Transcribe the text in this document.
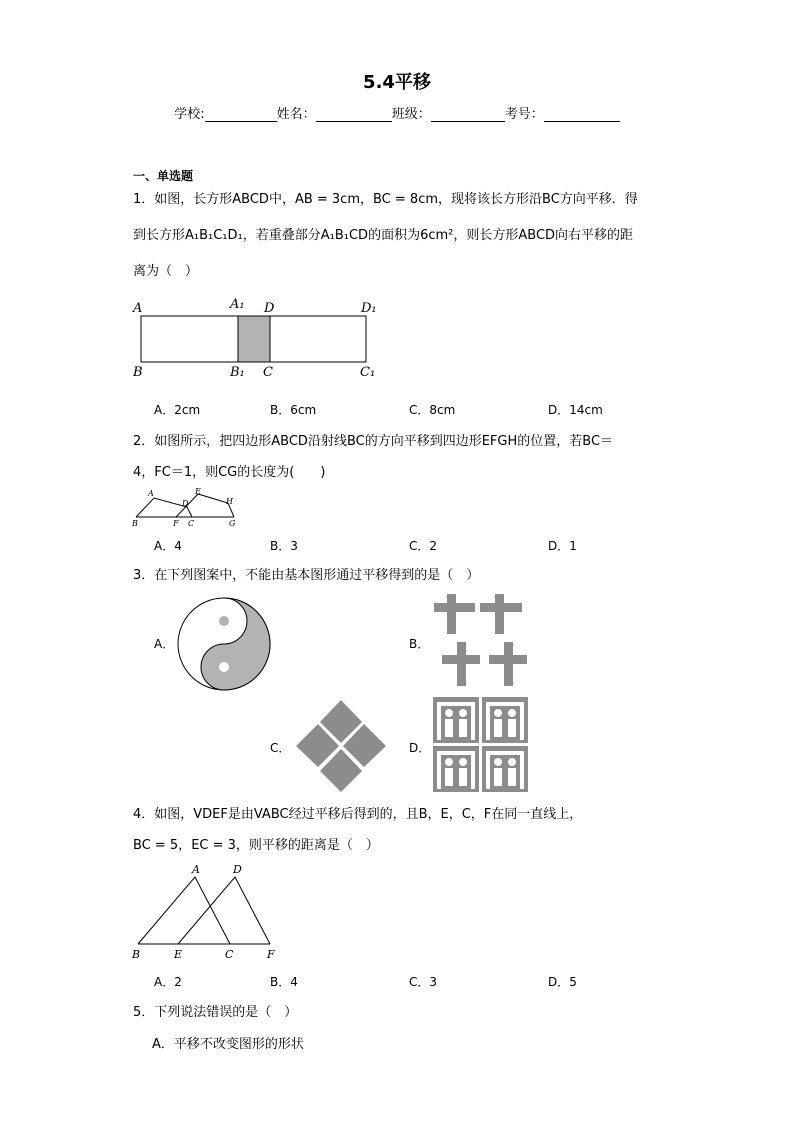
5.4平移
学校:	姓名：	班级：	考号：
一、单选题
1．如图，长方形ABCD中，AB = 3cm，BC = 8cm，现将该长方形沿BC方向平移．得
到长方形A₁B₁C₁D₁，若重叠部分A₁B₁CD的面积为6cm²，则长方形ABCD向右平移的距
离为（　）
A	A₁ D	D₁
B	B₁ C	C₁
A．2cm	B．6cm	C．8cm	D．14cm
2．如图所示，把四边形ABCD沿射线BC的方向平移到四边形EFGH的位置，若BC＝
4，FC＝1，则CG的长度为(　　)
A	E
D	H
B	F C	G
A．4	B．3	C．2	D．1
3．在下列图案中，不能由基本图形通过平移得到的是（　）
A．	B．
C．	D．
4．如图，VDEF是由VABC经过平移后得到的，且B，E，C，F在同一直线上，
BC = 5，EC = 3，则平移的距离是（　）
A	D
B	E	C	F
A．2	B．4	C．3	D．5
5．下列说法错误的是（　）
A．平移不改变图形的形状
